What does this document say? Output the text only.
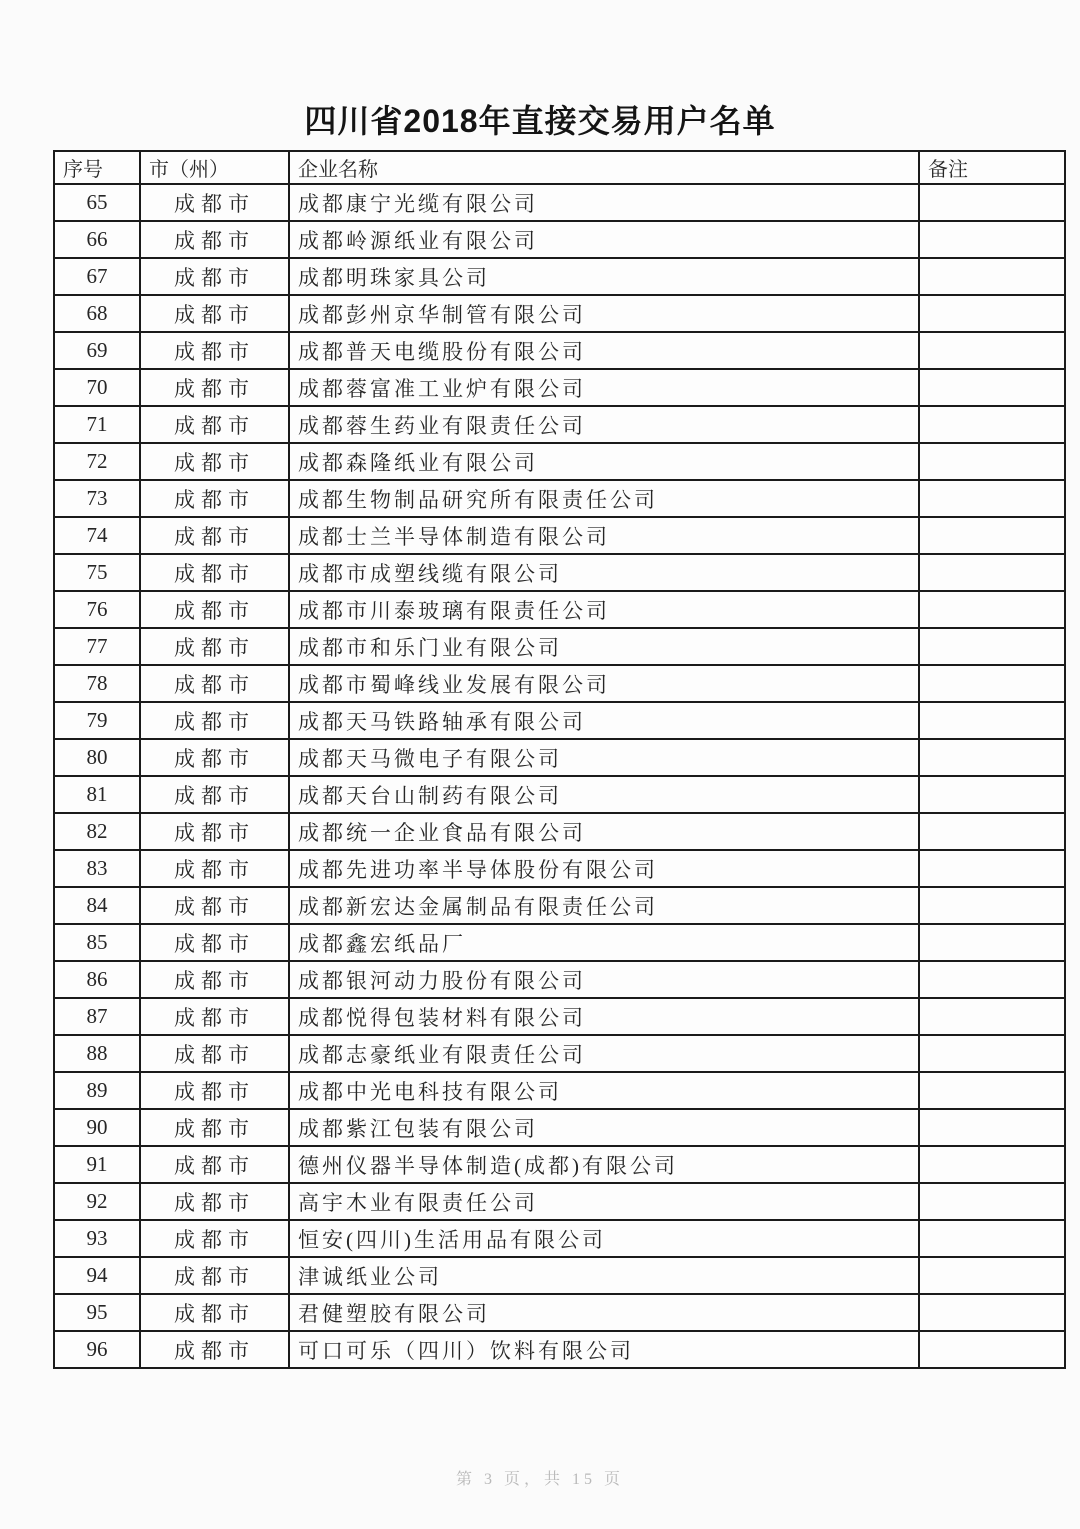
四川省2018年直接交易用户名单
序号	市（州）	企业名称	备注
65	成都市	成都康宁光缆有限公司	
66	成都市	成都岭源纸业有限公司	
67	成都市	成都明珠家具公司	
68	成都市	成都彭州京华制管有限公司	
69	成都市	成都普天电缆股份有限公司	
70	成都市	成都蓉富准工业炉有限公司	
71	成都市	成都蓉生药业有限责任公司	
72	成都市	成都森隆纸业有限公司	
73	成都市	成都生物制品研究所有限责任公司	
74	成都市	成都士兰半导体制造有限公司	
75	成都市	成都市成塑线缆有限公司	
76	成都市	成都市川泰玻璃有限责任公司	
77	成都市	成都市和乐门业有限公司	
78	成都市	成都市蜀峰线业发展有限公司	
79	成都市	成都天马铁路轴承有限公司	
80	成都市	成都天马微电子有限公司	
81	成都市	成都天台山制药有限公司	
82	成都市	成都统一企业食品有限公司	
83	成都市	成都先进功率半导体股份有限公司	
84	成都市	成都新宏达金属制品有限责任公司	
85	成都市	成都鑫宏纸品厂	
86	成都市	成都银河动力股份有限公司	
87	成都市	成都悦得包装材料有限公司	
88	成都市	成都志豪纸业有限责任公司	
89	成都市	成都中光电科技有限公司	
90	成都市	成都紫江包装有限公司	
91	成都市	德州仪器半导体制造(成都)有限公司	
92	成都市	高宇木业有限责任公司	
93	成都市	恒安(四川)生活用品有限公司	
94	成都市	津诚纸业公司	
95	成都市	君健塑胶有限公司	
96	成都市	可口可乐（四川）饮料有限公司	
第 3 页，共 15 页
